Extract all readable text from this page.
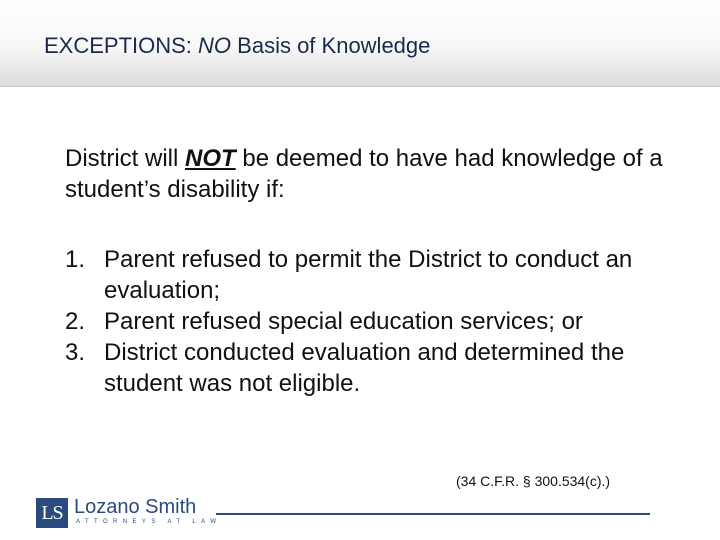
EXCEPTIONS: NO Basis of Knowledge
District will NOT be deemed to have had knowledge of a student’s disability if:
1. Parent refused to permit the District to conduct an evaluation;
2. Parent refused special education services; or
3. District conducted evaluation and determined the student was not eligible.
(34 C.F.R. § 300.534(c).)
LS Lozano Smith
ATTORNEYS AT LAW
